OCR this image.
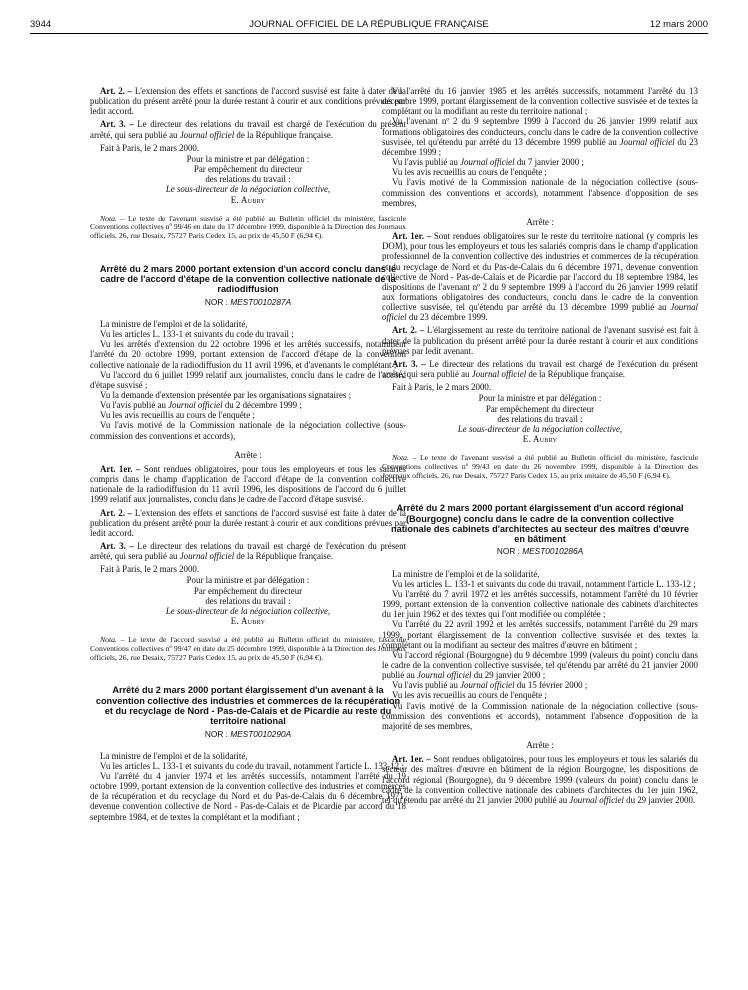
3944	JOURNAL OFFICIEL DE LA RÉPUBLIQUE FRANÇAISE	12 mars 2000

Art. 2. – L'extension des effets et sanctions de l'accord susvisé est faite à dater de la publication du présent arrêté pour la durée restant à courir et aux conditions prévues par ledit accord.

Art. 3. – Le directeur des relations du travail est chargé de l'exécution du présent arrêté, qui sera publié au Journal officiel de la République française.

Fait à Paris, le 2 mars 2000.

Pour la ministre et par délégation :
Par empêchement du directeur
des relations du travail :
Le sous-directeur de la négociation collective,
E. Aubry

Nota. – Le texte de l'avenant susvisé a été publié au Bulletin officiel du ministère, fascicule Conventions collectives nº 99/46 en date du 17 décembre 1999, disponible à la Direction des Journaux officiels, 26, rue Desaix, 75727 Paris Cedex 15, au prix de 45,50 F (6,94 €).

Arrêté du 2 mars 2000 portant extension d'un accord conclu dans le cadre de l'accord d'étape de la convention collective nationale de la radiodiffusion
NOR : MEST0010287A

La ministre de l'emploi et de la solidarité,

Vu les articles L. 133-1 et suivants du code du travail ;

Vu les arrêtés d'extension du 22 octobre 1996 et les arrêtés successifs, notamment l'arrêté du 20 octobre 1999, portant extension de l'accord d'étape de la convention collective nationale de la radiodiffusion du 11 avril 1996, et d'avenants le complétant ;

Vu l'accord du 6 juillet 1999 relatif aux journalistes, conclu dans le cadre de l'accord d'étape susvisé ;

Vu la demande d'extension présentée par les organisations signataires ;

Vu l'avis publié au Journal officiel du 2 décembre 1999 ;

Vu les avis recueillis au cours de l'enquête ;

Vu l'avis motivé de la Commission nationale de la négociation collective (sous-commission des conventions et accords),

Arrête :

Art. 1er. – Sont rendues obligatoires, pour tous les employeurs et tous les salariés compris dans le champ d'application de l'accord d'étape de la convention collective nationale de la radiodiffusion du 11 avril 1996, les dispositions de l'accord du 6 juillet 1999 relatif aux journalistes, conclu dans le cadre de l'accord d'étape susvisé.

Art. 2. – L'extension des effets et sanctions de l'accord susvisé est faite à dater de la publication du présent arrêté pour la durée restant à courir et aux conditions prévues par ledit accord.

Art. 3. – Le directeur des relations du travail est chargé de l'exécution du présent arrêté, qui sera publié au Journal officiel de la République française.

Fait à Paris, le 2 mars 2000.

Pour la ministre et par délégation :
Par empêchement du directeur
des relations du travail :
Le sous-directeur de la négociation collective,
E. Aubry

Nota. – Le texte de l'accord susvisé a été publié au Bulletin officiel du ministère, fascicule Conventions collectives nº 99/47 en date du 25 décembre 1999, disponible à la Direction des Journaux officiels, 26, rue Desaix, 75727 Paris Cedex 15, au prix de 45,50 F (6,94 €).

Arrêté du 2 mars 2000 portant élargissement d'un avenant à la convention collective des industries et commerces de la récupération et du recyclage de Nord - Pas-de-Calais et de Picardie au reste du territoire national
NOR : MEST0010290A

La ministre de l'emploi et de la solidarité,

Vu les articles L. 133-1 et suivants du code du travail, notamment l'article L. 133-12 ;

Vu l'arrêté du 4 janvier 1974 et les arrêtés successifs, notamment l'arrêté du 19 octobre 1999, portant extension de la convention collective des industries et commerces de la récupération et du recyclage du Nord et du Pas-de-Calais du 6 décembre 1971, devenue convention collective de Nord - Pas-de-Calais et de Picardie par accord du 18 septembre 1984, et de textes la complétant et la modifiant ;

Vu l'arrêté du 16 janvier 1985 et les arrêtés successifs, notamment l'arrêté du 13 décembre 1999, portant élargissement de la convention collective susvisée et de textes la complétant ou la modifiant au reste du territoire national ;

Vu l'avenant nº 2 du 9 septembre 1999 à l'accord du 26 janvier 1999 relatif aux formations obligatoires des conducteurs, conclu dans le cadre de la convention collective susvisée, tel qu'étendu par arrêté du 13 décembre 1999 publié au Journal officiel du 23 décembre 1999 ;

Vu l'avis publié au Journal officiel du 7 janvier 2000 ;

Vu les avis recueillis au cours de l'enquête ;

Vu l'avis motivé de la Commission nationale de la négociation collective (sous-commission des conventions et accords), notamment l'absence d'opposition de ses membres,

Arrête :

Art. 1er. – Sont rendues obligatoires sur le reste du territoire national (y compris les DOM), pour tous les employeurs et tous les salariés compris dans le champ d'application professionnel de la convention collective des industries et commerces de la récupération et du recyclage de Nord et du Pas-de-Calais du 6 décembre 1971, devenue convention collective de Nord - Pas-de-Calais et de Picardie par l'accord du 18 septembre 1984, les dispositions de l'avenant nº 2 du 9 septembre 1999 à l'accord du 26 janvier 1999 relatif aux formations obligatoires des conducteurs, conclu dans le cadre de la convention collective susvisée, tel qu'étendu par arrêté du 13 décembre 1999 publié au Journal officiel du 23 décembre 1999.

Art. 2. – L'élargissement au reste du territoire national de l'avenant susvisé est fait à dater de la publication du présent arrêté pour la durée restant à courir et aux conditions prévues par ledit avenant.

Art. 3. – Le directeur des relations du travail est chargé de l'exécution du présent arrêté, qui sera publié au Journal officiel de la République française.

Fait à Paris, le 2 mars 2000.

Pour la ministre et par délégation :
Par empêchement du directeur
des relations du travail :
Le sous-directeur de la négociation collective,
E. Aubry

Nota. – Le texte de l'avenant susvisé a été publié au Bulletin officiel du ministère, fascicule Conventions collectives nº 99/43 en date du 26 novembre 1999, disponible à la Direction des Journaux officiels, 26, rue Desaix, 75727 Paris Cedex 15, au prix unitaire de 45,50 F (6,94 €).

Arrêté du 2 mars 2000 portant élargissement d'un accord régional (Bourgogne) conclu dans le cadre de la convention collective nationale des cabinets d'architectes au secteur des maîtres d'œuvre en bâtiment
NOR : MEST0010286A

La ministre de l'emploi et de la solidarité,

Vu les articles L. 133-1 et suivants du code du travail, notamment l'article L. 133-12 ;

Vu l'arrêté du 7 avril 1972 et les arrêtés successifs, notamment l'arrêté du 10 février 1999, portant extension de la convention collective nationale des cabinets d'architectes du 1er juin 1962 et des textes qui l'ont modifiée ou complétée ;

Vu l'arrêté du 22 avril 1992 et les arrêtés successifs, notamment l'arrêté du 29 mars 1999, portant élargissement de la convention collective susvisée et des textes la complétant ou la modifiant au secteur des maîtres d'œuvre en bâtiment ;

Vu l'accord régional (Bourgogne) du 9 décembre 1999 (valeurs du point) conclu dans le cadre de la convention collective susvisée, tel qu'étendu par arrêté du 21 janvier 2000 publié au Journal officiel du 29 janvier 2000 ;

Vu l'avis publié au Journal officiel du 15 février 2000 ;

Vu les avis recueillis au cours de l'enquête ;

Vu l'avis motivé de la Commission nationale de la négociation collective (sous-commission des conventions et accords), notamment l'absence d'opposition de la majorité de ses membres,

Arrête :

Art. 1er. – Sont rendues obligatoires, pour tous les employeurs et tous les salariés du secteur des maîtres d'œuvre en bâtiment de la région Bourgogne, les dispositions de l'accord régional (Bourgogne), du 9 décembre 1999 (valeurs du point) conclu dans le cadre de la convention collective nationale des cabinets d'architectes du 1er juin 1962, tel qu'étendu par arrêté du 21 janvier 2000 publié au Journal officiel du 29 janvier 2000.
